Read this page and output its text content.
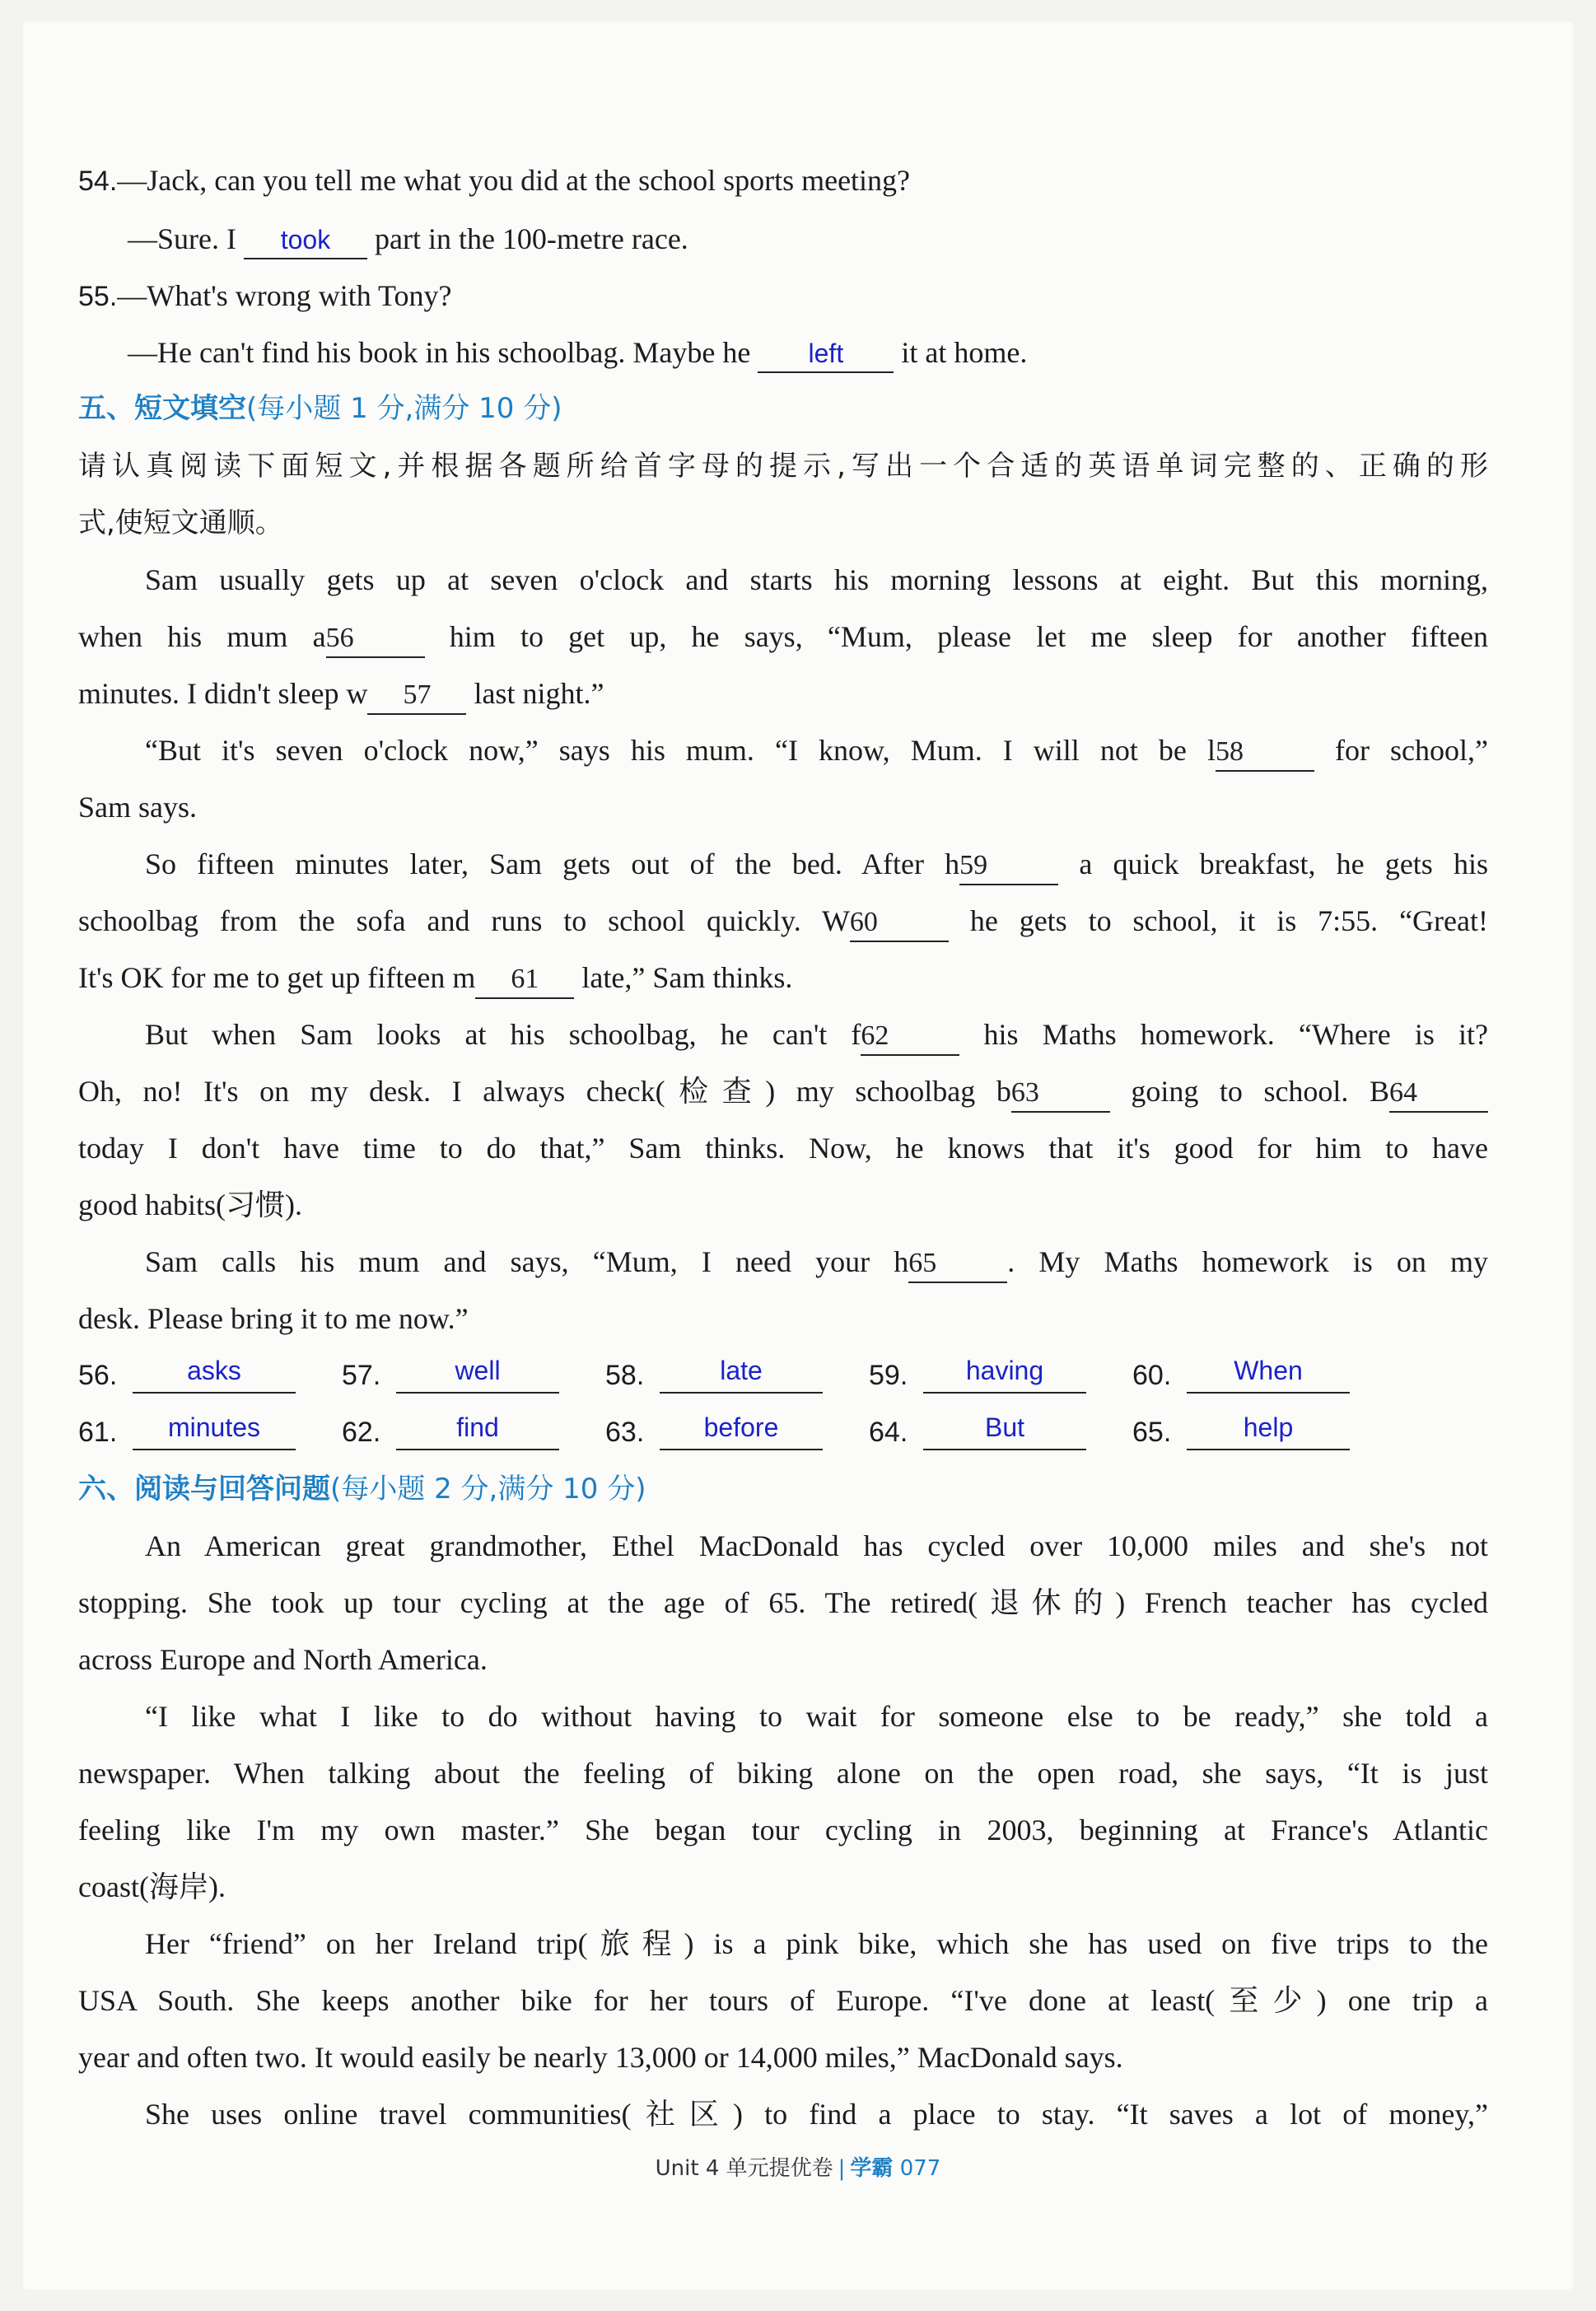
54.—Jack, can you tell me what you did at the school sports meeting?
—Sure. I took part in the 100-metre race.
55.—What's wrong with Tony?
—He can't find his book in his schoolbag. Maybe he left it at home.
五、短文填空(每小题 1 分,满分 10 分)
请认真阅读下面短文,并根据各题所给首字母的提示,写出一个合适的英语单词完整的、正确的形
式,使短文通顺。
Sam usually gets up at seven o'clock and starts his morning lessons at eight. But this morning,
when his mum a56 him to get up, he says, “Mum, please let me sleep for another fifteen
minutes. I didn't sleep w 57 last night.”
“But it's seven o'clock now,” says his mum. “I know, Mum. I will not be l58 for school,”
Sam says.
So fifteen minutes later, Sam gets out of the bed. After h59 a quick breakfast, he gets his
schoolbag from the sofa and runs to school quickly. W60 he gets to school, it is 7:55. “Great!
It's OK for me to get up fifteen m 61 late,” Sam thinks.
But when Sam looks at his schoolbag, he can't f62 his Maths homework. “Where is it?
Oh, no! It's on my desk. I always check(检查) my schoolbag b63 going to school. B64
today I don't have time to do that,” Sam thinks. Now, he knows that it's good for him to have
good habits(习惯).
Sam calls his mum and says, “Mum, I need your h65 . My Maths homework is on my
desk. Please bring it to me now.”
56.	asks	57.	well	58.	late	59.	having	60.	When
61.	minutes	62.	find	63.	before	64.	But	65.	help
六、阅读与回答问题(每小题 2 分,满分 10 分)
An American great grandmother, Ethel MacDonald has cycled over 10,000 miles and she's not
stopping. She took up tour cycling at the age of 65. The retired(退休的) French teacher has cycled
across Europe and North America.
“I like what I like to do without having to wait for someone else to be ready,” she told a
newspaper. When talking about the feeling of biking alone on the open road, she says, “It is just
feeling like I'm my own master.” She began tour cycling in 2003, beginning at France's Atlantic
coast(海岸).
Her “friend” on her Ireland trip(旅程) is a pink bike, which she has used on five trips to the
USA South. She keeps another bike for her tours of Europe. “I've done at least(至少) one trip a
year and often two. It would easily be nearly 13,000 or 14,000 miles,” MacDonald says.
She uses online travel communities(社区) to find a place to stay. “It saves a lot of money,”
Unit 4 单元提优卷 | 学霸 077
